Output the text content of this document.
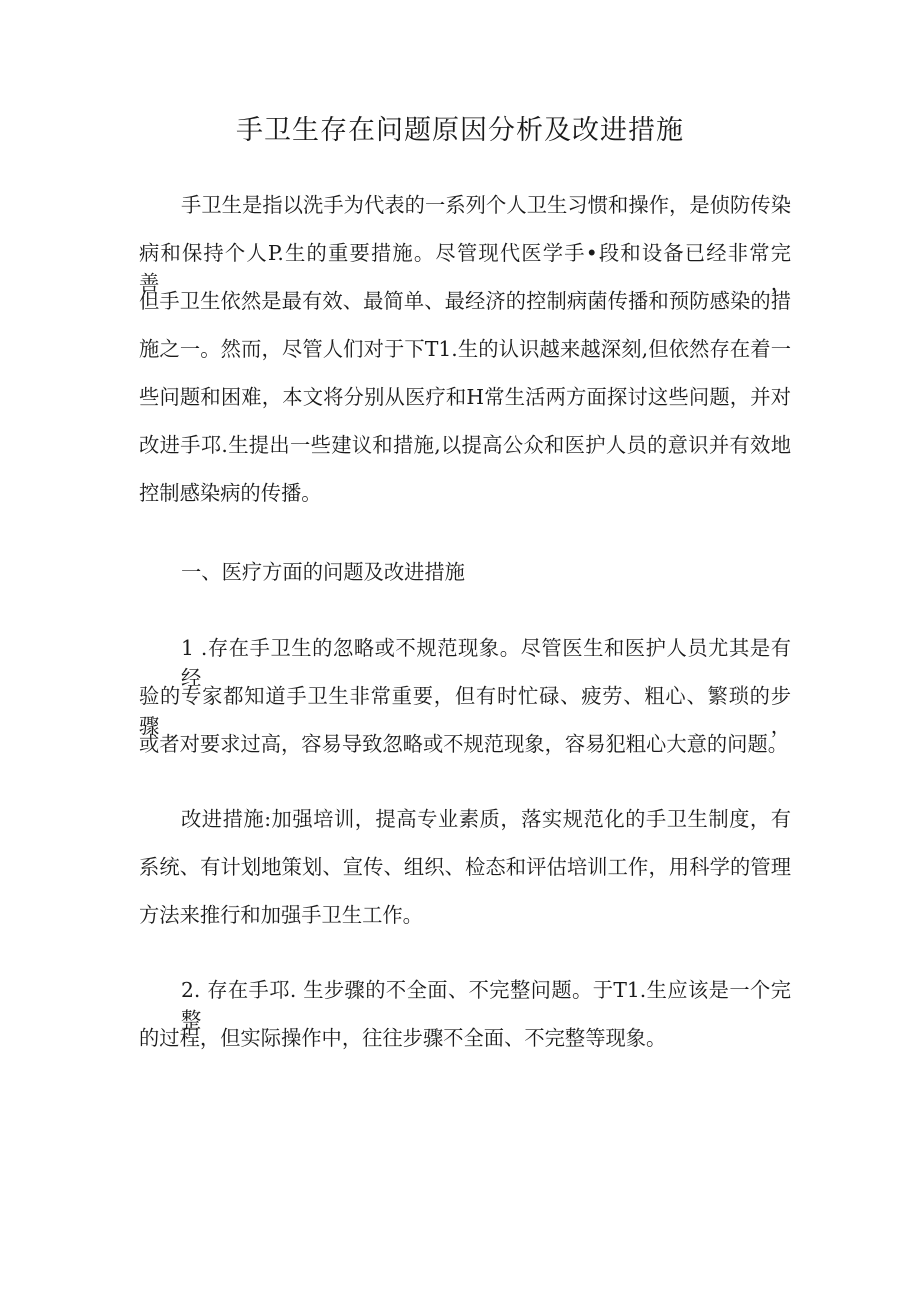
手卫生存在问题原因分析及改进措施

手卫生是指以洗手为代表的一系列个人卫生习惯和操作，是侦防传染

病和保持个人P.生的重要措施。尽管现代医学手•段和设备已经非常完善，

但手卫生依然是最有效、最简单、最经济的控制病菌传播和预防感染的措

施之一。然而，尽管人们对于下T1.生的认识越来越深刻,但依然存在着一

些问题和困难，本文将分别从医疗和H常生活两方面探讨这些问题，并对

改进手邛.生提出一些建议和措施,以提高公众和医护人员的意识并有效地

控制感染病的传播。

一、医疗方面的问题及改进措施

1 .存在手卫生的忽略或不规范现象。尽管医生和医护人员尤其是有经

验的专家都知道手卫生非常重要，但有时忙碌、疲劳、粗心、繁琐的步骤，

或者对要求过高，容易导致忽略或不规范现象，容易犯粗心大意的问题。

改进措施:加强培训，提高专业素质，落实规范化的手卫生制度，有

系统、有计划地策划、宣传、组织、检态和评估培训工作，用科学的管理

方法来推行和加强手卫生工作。

2. 存在手邛. 生步骤的不全面、不完整问题。于T1.生应该是一个完整

的过程，但实际操作中，往往步骤不全面、不完整等现象。
